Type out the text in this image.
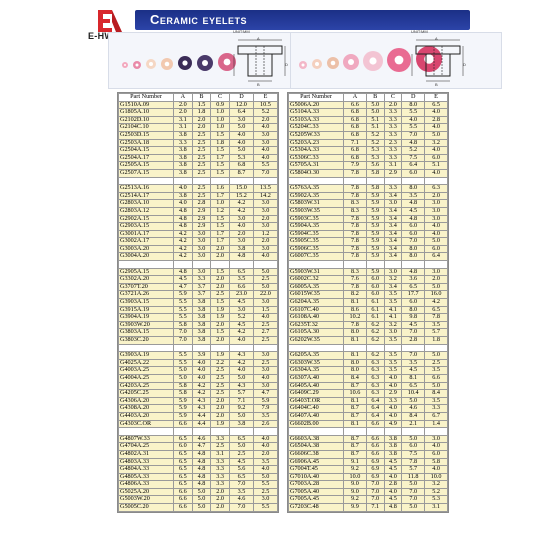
E-HWA
Ceramic eyelets
UNIT:MM
A
B
D
UNIT:MM
A
B
D
Part Number	A	B	C	D	E
G1510A.09	2.0	1.5	0.9	12.0	10.5
G1805A.10	2.0	1.8	1.0	6.4	5.2
G2102D.10	3.1	2.0	1.0	3.0	2.0
G2104C.10	3.1	2.0	1.0	5.0	4.0
G2503D.15	3.8	2.5	1.5	4.0	3.0
G2503A.18	3.3	2.5	1.8	4.0	3.0
G2504A.15	3.8	2.5	1.5	5.0	4.0
G2504A.17	3.8	2.5	1.7	5.3	4.0
G2505A.15	3.8	2.5	1.5	6.8	5.5
G2507A.15	3.8	2.5	1.5	8.7	7.0

G2513A.16	4.0	2.5	1.6	15.0	13.5
G2514A.17	3.8	2.5	1.7	15.2	14.2
G2803A.10	4.0	2.8	1.0	4.2	3.0
G2803A.12	4.8	2.9	1.2	4.2	3.0
G2902A.15	4.8	2.9	1.5	3.0	2.0
G2903A.15	4.8	2.9	1.5	4.0	3.0
G3001A.17	4.2	3.0	1.7	2.0	1.2
G3002A.17	4.2	3.0	1.7	3.0	2.0
G3003A.20	4.2	3.0	2.0	3.8	3.0
G3004A.20	4.2	3.0	2.0	4.8	4.0

G2905A.15	4.8	3.0	1.5	6.5	5.0
G3302A.20	4.5	3.3	2.0	3.5	2.5
G3707T.20	4.7	3.7	2.0	6.6	5.0
G3721A.26	5.9	3.7	2.5	23.0	22.0
G3903A.15	5.5	3.8	1.5	4.5	3.0
G3915A.19	5.5	3.8	1.9	3.0	1.5
G3904A.19	5.5	3.8	1.9	5.2	4.0
G3903W.20	5.8	3.8	2.0	4.5	2.5
G3803A.15	7.0	3.8	1.5	4.2	2.7
G3803C.20	7.0	3.8	2.0	4.0	2.5

G3903A.19	5.5	3.9	1.9	4.3	3.0
G4025A.22	5.5	4.0	2.2	4.2	2.5
G4003A.25	5.0	4.0	2.5	4.0	3.0
G4004A.25	5.0	4.0	2.5	5.0	4.0
G4203A.25	5.8	4.2	2.5	4.3	3.0
G4205C.25	5.8	4.2	2.5	5.7	4.7
G4306A.20	5.9	4.3	2.0	7.1	5.9
G4308A.20	5.9	4.3	2.0	9.2	7.9
G4403A.20	5.9	4.4	2.0	5.0	3.5
G4303C.OR	6.6	4.4	1.9	3.8	2.6

G4807W.33	6.5	4.6	3.3	6.5	4.0
G4704A.25	6.0	4.7	2.5	5.0	4.0
G4802A.31	6.5	4.8	3.1	2.5	2.0
G4803A.33	6.5	4.8	3.3	4.5	3.5
G4804A.33	6.5	4.8	3.3	5.6	4.0
G4805A.33	6.5	4.8	3.3	6.5	5.0
G4806A.33	6.5	4.8	3.3	7.0	5.5
G5025A.20	6.6	5.0	2.0	3.5	2.5
G5003W.20	6.6	5.0	2.0	4.6	3.0
G5005C.20	6.6	5.0	2.0	7.0	5.5
Part Number	A	B	C	D	E
G5006A.20	6.6	5.0	2.0	8.0	6.5
G5104A.33	6.8	5.0	3.3	5.5	4.0
G5103A.33	6.8	5.1	3.3	4.0	2.8
G5204C.33	6.8	5.1	3.3	5.5	4.0
G5205W.33	6.8	5.2	3.3	7.0	5.0
G5203A.23	7.1	5.2	2.3	4.8	3.2
G5304A.33	6.8	5.3	3.3	5.2	4.0
G5306C.33	6.8	5.3	3.3	7.5	6.0
G5705A.31	7.9	5.6	3.1	6.4	5.1
G5804O.30	7.8	5.8	2.9	6.0	4.0

G5763A.35	7.8	5.8	3.3	8.0	6.3
G5902A.35	7.8	5.9	3.4	3.5	2.0
G5803W.31	8.3	5.9	3.0	4.8	3.0
G5903W.35	8.3	5.9	3.4	4.5	3.0
G5903C.35	7.8	5.9	3.4	4.8	3.0
G5904A.35	7.8	5.9	3.4	6.0	4.0
G5904C.35	7.8	5.9	3.4	6.0	4.0
G5905C.35	7.8	5.9	3.4	7.0	5.0
G5906C.35	7.8	5.9	3.4	8.0	6.0
G6007C.35	7.8	5.9	3.4	8.0	6.4

G5903W.31	8.3	5.9	3.0	4.8	3.0
G6002C.32	7.6	6.0	3.2	3.6	2.0
G6005A.35	7.8	6.0	3.4	6.5	5.0
G6015W.35	8.2	6.0	3.5	17.7	16.0
G6204A.35	8.1	6.1	3.5	6.0	4.2
G6107C.40	8.6	6.1	4.1	8.0	6.5
G6108A.40	10.2	6.1	4.1	9.8	7.8
G6235T.32	7.8	6.2	3.2	4.5	3.5
G6105A.30	8.0	6.2	3.0	7.0	5.7
G6202W.35	8.1	6.2	3.5	2.8	1.8

G6205A.35	8.1	6.2	3.5	7.0	5.0
G6303W.35	8.0	6.3	3.5	3.5	2.5
G6304A.35	8.0	6.3	3.5	4.5	3.5
G6307A.40	8.4	6.3	4.0	8.1	6.6
G6405A.40	8.7	6.3	4.0	6.5	5.0
G6409C.29	10.6	6.3	2.9	10.4	8.4
G6403T.OR	8.1	6.4	3.3	5.0	3.5
G6404C.40	8.7	6.4	4.0	4.6	3.3
G6407A.40	8.7	6.4	4.0	8.4	6.7
G6602B.00	8.1	6.6	4.9	2.1	1.4

G6603A.38	8.7	6.6	3.8	5.0	3.0
G6504A.38	8.7	6.6	3.8	6.0	4.0
G6606C.38	8.7	6.6	3.8	7.5	6.0
G6906A.45	9.1	6.9	4.5	7.8	5.8
G7004T.45	9.2	6.9	4.5	5.7	4.0
G7010A.40	10.0	6.9	4.0	11.8	10.0
G7003A.28	9.0	7.0	2.8	5.0	3.2
G7005A.40	9.0	7.0	4.0	7.0	5.2
G7005A.45	9.2	7.0	4.5	7.0	5.3
G7203C.48	9.9	7.1	4.8	5.0	3.1
